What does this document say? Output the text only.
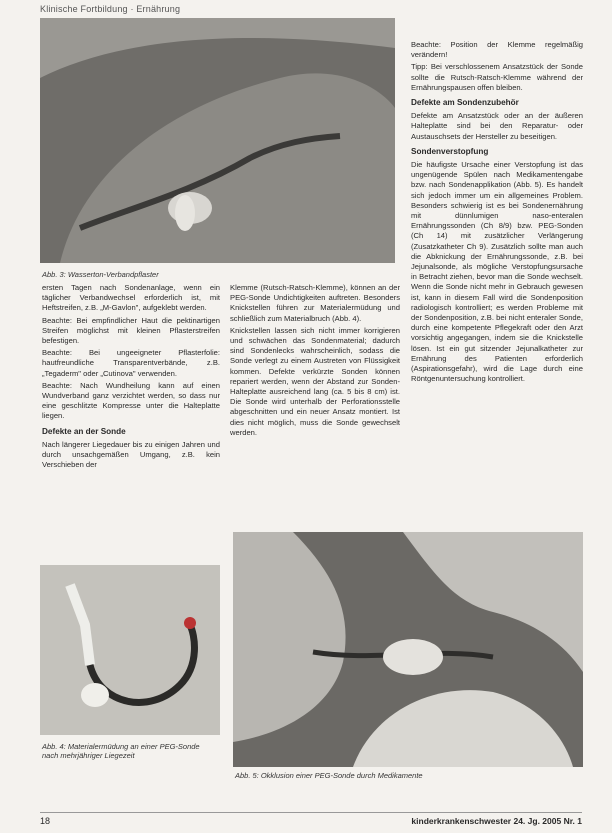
Klinische Fortbildung · Ernährung
Abb. 3: Wasserton-Verbandpflaster

ersten Tagen nach Sondenanlage, wenn ein täglicher Verbandwechsel erforderlich ist, mit Heftstreifen, z.B. „M-Gavlon", aufgeklebt werden.

Beachte: Bei empfindlicher Haut die pektinartigen Streifen möglichst mit kleinen Pflasterstreifen befestigen.

Beachte: Bei ungeeigneter Pflasterfolie: hautfreundliche Transparentverbände, z.B. „Tegaderm" oder „Cutinova" verwenden.

Beachte: Nach Wundheilung kann auf einen Wundverband ganz verzichtet werden, so dass nur eine geschlitzte Kompresse unter die Halteplatte liegen.

Defekte an der Sonde

Nach längerer Liegedauer bis zu einigen Jahren und durch unsachgemäßen Umgang, z.B. kein Verschieben der

Klemme (Rutsch-Ratsch-Klemme), können an der PEG-Sonde Undichtigkeiten auftreten. Besonders Knickstellen führen zur Materialermüdung und schließlich zum Materialbruch (Abb. 4).

Knickstellen lassen sich nicht immer korrigieren und schwächen das Sondenmaterial; dadurch sind Sondenlecks wahrscheinlich, sodass die Sonde verlegt zu einem Austreten von Flüssigkeit kommen. Defekte verkürzte Sonden können repariert werden, wenn der Abstand zur Sonden-Halteplatte ausreichend lang (ca. 5 bis 8 cm) ist. Die Sonde wird unterhalb der Perforationsstelle abgeschnitten und ein neuer Ansatz montiert. Ist dies nicht möglich, muss die Sonde gewechselt werden.

Beachte: Position der Klemme regelmäßig verändern!

Tipp: Bei verschlossenem Ansatzstück der Sonde sollte die Rutsch-Ratsch-Klemme während der Ernährungspausen offen bleiben.

Defekte am Sondenzubehör

Defekte am Ansatzstück oder an der äußeren Halteplatte sind bei den Reparatur- oder Austauschsets der Hersteller zu beseitigen.

Sondenverstopfung

Die häufigste Ursache einer Verstopfung ist das ungenügende Spülen nach Medikamentengabe bzw. nach Sondenapplikation (Abb. 5). Es handelt sich jedoch immer um ein allgemeines Problem. Besonders schwierig ist es bei Sondenernährung mit dünnlumigen naso-enteralen Ernährungssonden (Ch 8/9) bzw. PEG-Sonden (Ch 14) mit zusätzlicher Verlängerung (Zusatzkatheter Ch 9). Zusätzlich sollte man auch die Abknickung der Ernährungssonde, z.B. bei Jejunalsonde, als mögliche Verstopfungsursache in Betracht ziehen, bevor man die Sonde wechselt. Wenn die Sonde nicht mehr in Gebrauch gewesen ist, kann in diesem Fall wird die Sondenposition radiologisch kontrolliert; es werden Probleme mit der Sondenposition, z.B. bei nicht enteraler Sonde, durch eine kompetente Pflegekraft oder den Arzt vorsichtig angegangen, indem sie die Knickstelle lösen. Ist ein gut sitzender Jejunalkatheter zur Ernährung des Patienten erforderlich (Aspirationsgefahr), wird die Lage durch eine Röntgenuntersuchung kontrolliert.

Abb. 4: Materialermüdung an einer PEG-Sonde nach mehrjähriger Liegezeit
Abb. 5: Okklusion einer PEG-Sonde durch Medikamente
18	kinderkrankenschwester 24. Jg. 2005 Nr. 1
